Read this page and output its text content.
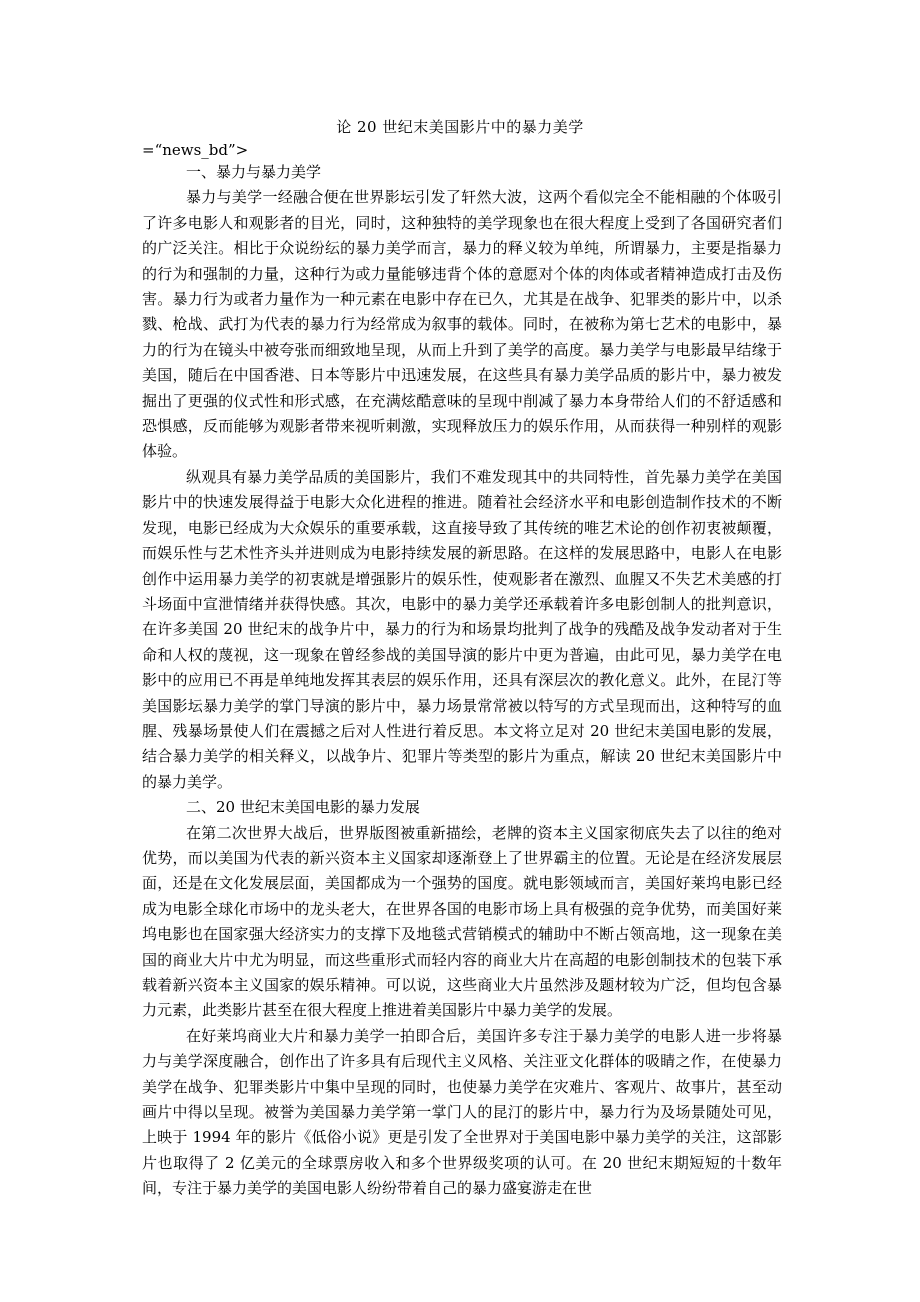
论 20 世纪末美国影片中的暴力美学
=“news_bd”>
一、暴力与暴力美学

暴力与美学一经融合便在世界影坛引发了轩然大波，这两个看似完全不能相融的个体吸引了许多电影人和观影者的目光，同时，这种独特的美学现象也在很大程度上受到了各国研究者们的广泛关注。相比于众说纷纭的暴力美学而言，暴力的释义较为单纯，所谓暴力，主要是指暴力的行为和强制的力量，这种行为或力量能够违背个体的意愿对个体的肉体或者精神造成打击及伤害。暴力行为或者力量作为一种元素在电影中存在已久，尤其是在战争、犯罪类的影片中，以杀戮、枪战、武打为代表的暴力行为经常成为叙事的载体。同时，在被称为第七艺术的电影中，暴力的行为在镜头中被夸张而细致地呈现，从而上升到了美学的高度。暴力美学与电影最早结缘于美国，随后在中国香港、日本等影片中迅速发展，在这些具有暴力美学品质的影片中，暴力被发掘出了更强的仪式性和形式感，在充满炫酷意味的呈现中削减了暴力本身带给人们的不舒适感和恐惧感，反而能够为观影者带来视听刺激，实现释放压力的娱乐作用，从而获得一种别样的观影体验。

纵观具有暴力美学品质的美国影片，我们不难发现其中的共同特性，首先暴力美学在美国影片中的快速发展得益于电影大众化进程的推进。随着社会经济水平和电影创造制作技术的不断发现，电影已经成为大众娱乐的重要承载，这直接导致了其传统的唯艺术论的创作初衷被颠覆，而娱乐性与艺术性齐头并进则成为电影持续发展的新思路。在这样的发展思路中，电影人在电影创作中运用暴力美学的初衷就是增强影片的娱乐性，使观影者在激烈、血腥又不失艺术美感的打斗场面中宣泄情绪并获得快感。其次，电影中的暴力美学还承载着许多电影创制人的批判意识，在许多美国 20 世纪末的战争片中，暴力的行为和场景均批判了战争的残酷及战争发动者对于生命和人权的蔑视，这一现象在曾经参战的美国导演的影片中更为普遍，由此可见，暴力美学在电影中的应用已不再是单纯地发挥其表层的娱乐作用，还具有深层次的教化意义。此外，在昆汀等美国影坛暴力美学的掌门导演的影片中，暴力场景常常被以特写的方式呈现而出，这种特写的血腥、残暴场景使人们在震撼之后对人性进行着反思。本文将立足对 20 世纪末美国电影的发展，结合暴力美学的相关释义，以战争片、犯罪片等类型的影片为重点，解读 20 世纪末美国影片中的暴力美学。

二、20 世纪末美国电影的暴力发展

在第二次世界大战后，世界版图被重新描绘，老牌的资本主义国家彻底失去了以往的绝对优势，而以美国为代表的新兴资本主义国家却逐渐登上了世界霸主的位置。无论是在经济发展层面，还是在文化发展层面，美国都成为一个强势的国度。就电影领域而言，美国好莱坞电影已经成为电影全球化市场中的龙头老大，在世界各国的电影市场上具有极强的竞争优势，而美国好莱坞电影也在国家强大经济实力的支撑下及地毯式营销模式的辅助中不断占领高地，这一现象在美国的商业大片中尤为明显，而这些重形式而轻内容的商业大片在高超的电影创制技术的包装下承载着新兴资本主义国家的娱乐精神。可以说，这些商业大片虽然涉及题材较为广泛，但均包含暴力元素，此类影片甚至在很大程度上推进着美国影片中暴力美学的发展。

在好莱坞商业大片和暴力美学一拍即合后，美国许多专注于暴力美学的电影人进一步将暴力与美学深度融合，创作出了许多具有后现代主义风格、关注亚文化群体的吸睛之作，在使暴力美学在战争、犯罪类影片中集中呈现的同时，也使暴力美学在灾难片、客观片、故事片，甚至动画片中得以呈现。被誉为美国暴力美学第一掌门人的昆汀的影片中，暴力行为及场景随处可见，上映于 1994 年的影片《低俗小说》更是引发了全世界对于美国电影中暴力美学的关注，这部影片也取得了 2 亿美元的全球票房收入和多个世界级奖项的认可。在 20 世纪末期短短的十数年间，专注于暴力美学的美国电影人纷纷带着自己的暴力盛宴游走在世
